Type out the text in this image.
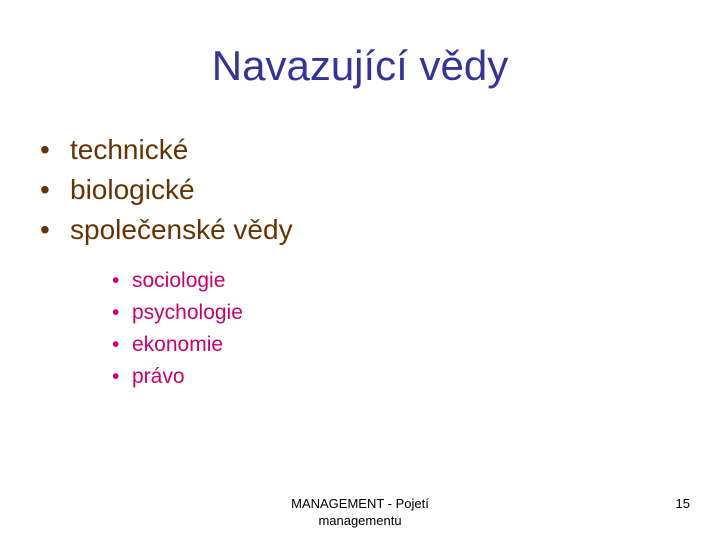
Navazující vědy
• technické
• biologické
• společenské vědy
• sociologie
• psychologie
• ekonomie
• právo
MANAGEMENT - Pojetí
managementu
15
